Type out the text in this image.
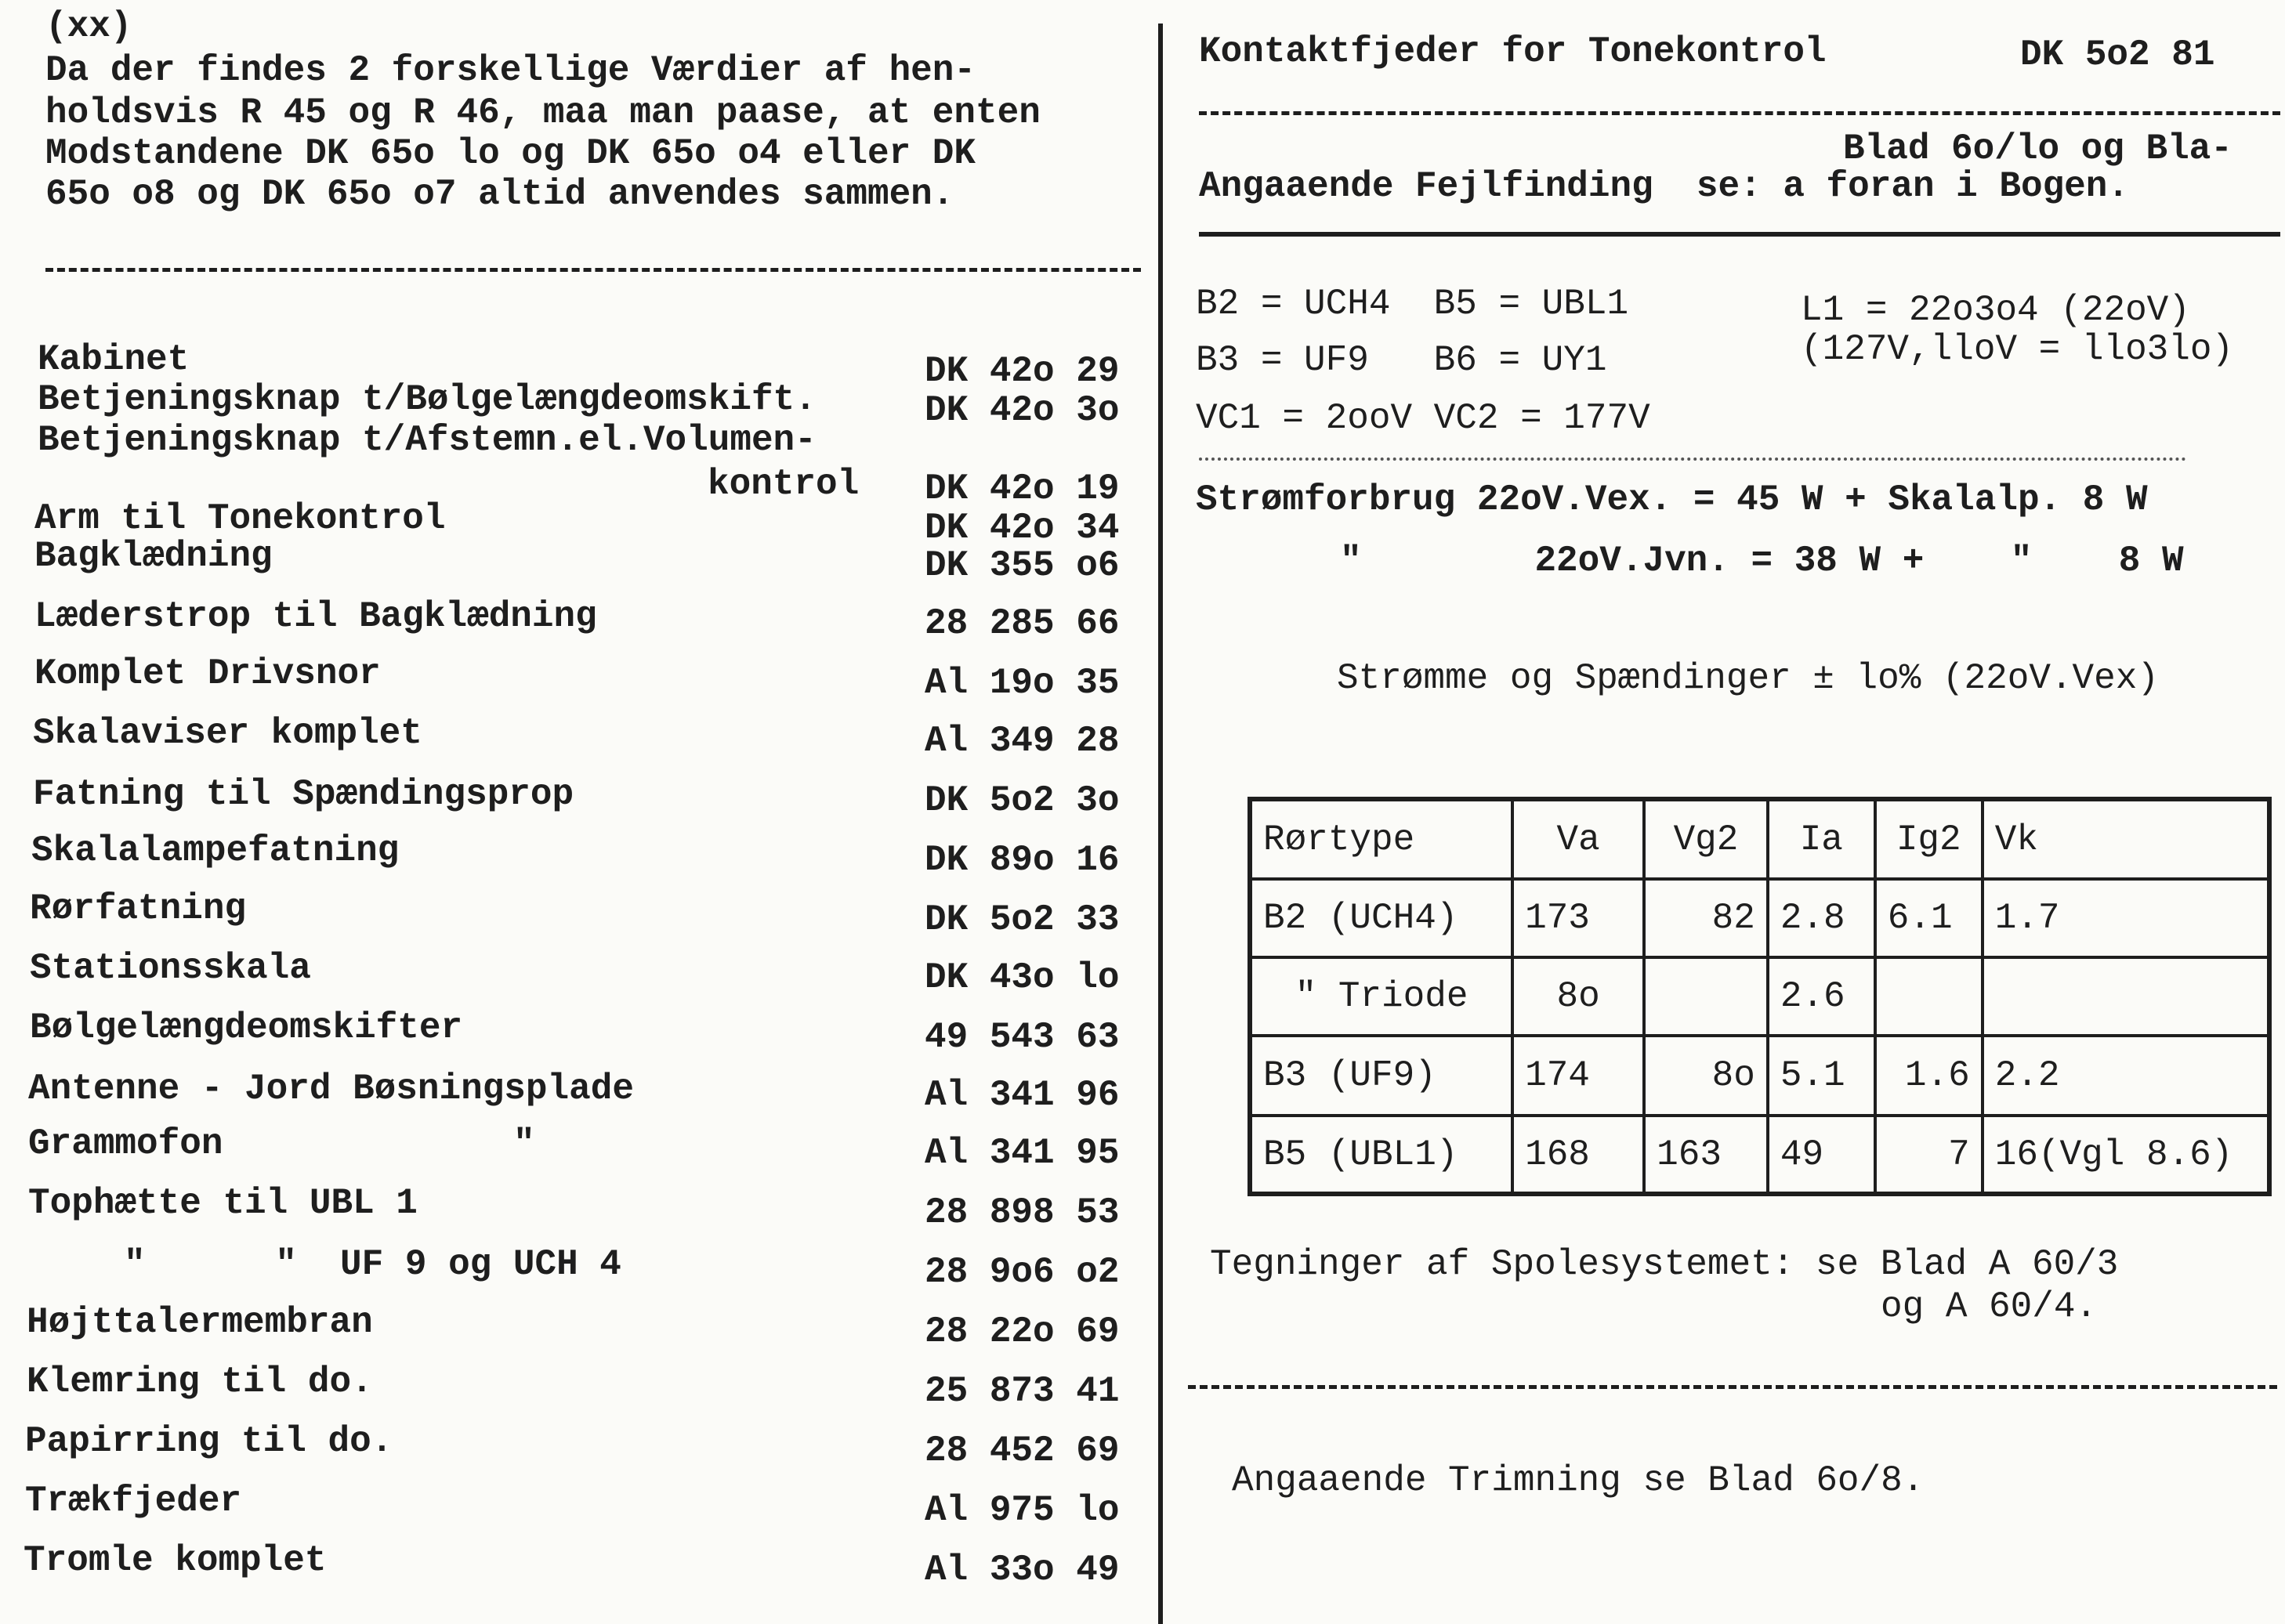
(xx)
Da der findes 2 forskellige Værdier af hen-
holdsvis R 45 og R 46, maa man paase, at enten
Modstandene DK 65o lo og DK 65o o4 eller DK
65o o8 og DK 65o o7 altid anvendes sammen.
Kabinet	DK 42o 29
Betjeningsknap t/Bølgelængdeomskift.	DK 42o 3o
Betjeningsknap t/Afstemn.el.Volumen-
kontrol DK 42o 19
Arm til Tonekontrol	DK 42o 34
Bagklædning	DK 355 o6
Læderstrop til Bagklædning	28 285 66
Komplet Drivsnor	Al 19o 35
Skalaviser komplet	Al 349 28
Fatning til Spændingsprop	DK 5o2 3o
Skalalampefatning	DK 89o 16
Rørfatning	DK 5o2 33
Stationsskala	DK 43o lo
Bølgelængdeomskifter	49 543 63
Antenne - Jord Bøsningsplade	Al 341 96
Grammofon	"	Al 341 95
Tophætte til UBL 1	28 898 53
"      "  UF 9 og UCH 4	28 9o6 o2
Højttalermembran	28 22o 69
Klemring til do.	25 873 41
Papirring til do.	28 452 69
Trækfjeder	Al 975 lo
Tromle komplet	Al 33o 49
Kontaktfjeder for Tonekontrol	DK 5o2 81
Blad 6o/lo og Bla-
Angaaende Fejlfinding  se: a foran i Bogen.
B2 = UCH4  B5 = UBL1
B3 = UF9   B6 = UY1
VC1 = 2ooV VC2 = 177V
L1 = 22o3o4 (22oV)
(127V,lloV = llo3lo)
Strømforbrug 22oV.Vex. = 45 W + Skalalp. 8 W
"        22oV.Jvn. = 38 W +    "    8 W
Strømme og Spændinger ± lo% (22oV.Vex)
Rørtype	Va	Vg2	Ia	Ig2	Vk
B2 (UCH4)	173	82	2.8	6.1	1.7
" Triode	8o		2.6		
B3 (UF9)	174	8o	5.1	1.6	2.2
B5 (UBL1)	168	163	49	7	16(Vgl 8.6)
Tegninger af Spolesystemet: se Blad A 60/3
og A 60/4.
Angaaende Trimning se Blad 6o/8.
